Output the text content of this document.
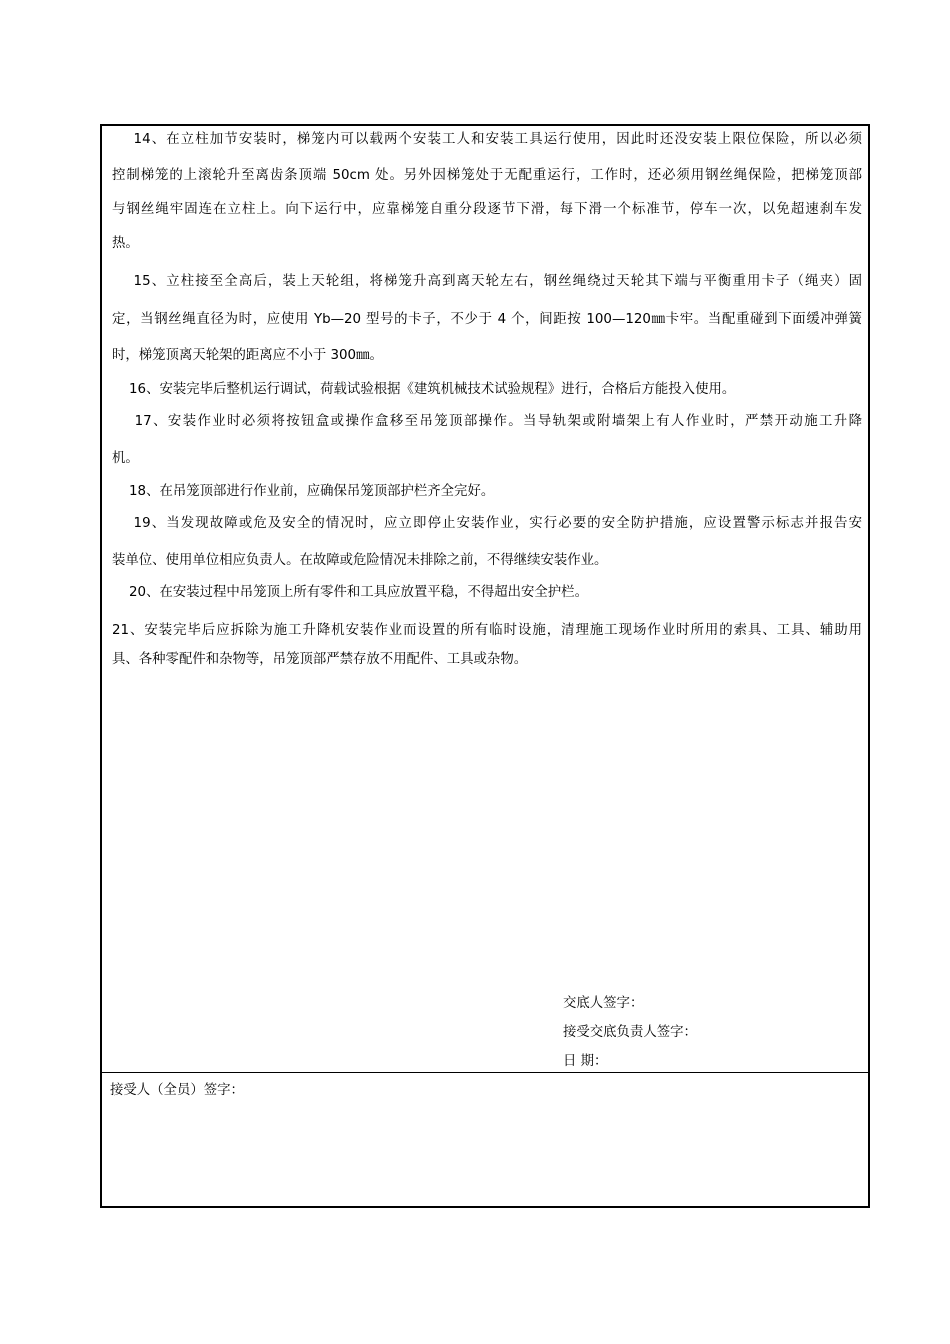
14、在立柱加节安装时，梯笼内可以载两个安装工人和安装工具运行使用，因此时还没安装上限位保险，所以必须
控制梯笼的上滚轮升至离齿条顶端 50cm 处。另外因梯笼处于无配重运行，工作时，还必须用钢丝绳保险，把梯笼顶部
与钢丝绳牢固连在立柱上。向下运行中，应靠梯笼自重分段逐节下滑，每下滑一个标准节，停车一次，以免超速刹车发
热。
15、立柱接至全高后，装上天轮组，将梯笼升高到离天轮左右，钢丝绳绕过天轮其下端与平衡重用卡子（绳夹）固
定，当钢丝绳直径为时，应使用 Yb—20 型号的卡子，不少于 4 个，间距按 100—120㎜卡牢。当配重碰到下面缓冲弹簧
时，梯笼顶离天轮架的距离应不小于 300㎜。
16、安装完毕后整机运行调试，荷载试验根据《建筑机械技术试验规程》进行，合格后方能投入使用。
17、安装作业时必须将按钮盒或操作盒移至吊笼顶部操作。当导轨架或附墙架上有人作业时，严禁开动施工升降
机。
18、在吊笼顶部进行作业前，应确保吊笼顶部护栏齐全完好。
19、当发现故障或危及安全的情况时，应立即停止安装作业，实行必要的安全防护措施，应设置警示标志并报告安
装单位、使用单位相应负责人。在故障或危险情况未排除之前，不得继续安装作业。
20、在安装过程中吊笼顶上所有零件和工具应放置平稳，不得超出安全护栏。
21、安装完毕后应拆除为施工升降机安装作业而设置的所有临时设施，清理施工现场作业时所用的索具、工具、辅助用
具、各种零配件和杂物等，吊笼顶部严禁存放不用配件、工具或杂物。
交底人签字：
接受交底负责人签字：
日 期：
接受人（全员）签字：
